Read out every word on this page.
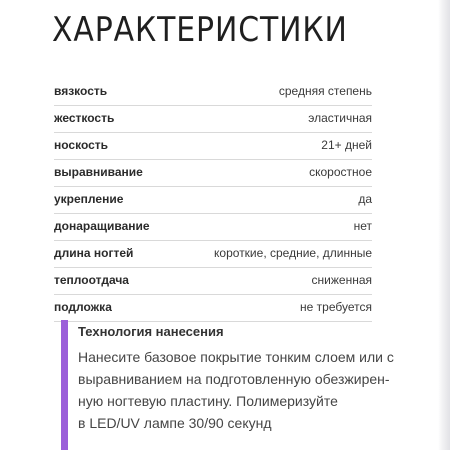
ХАРАКТЕРИСТИКИ
вязкость	средняя степень
жесткость	эластичная
носкость	21+ дней
выравнивание	скоростное
укрепление	да
донаращивание	нет
длина ногтей	короткие, средние, длинные
теплоотдача	сниженная
подложка	не требуется
Технология нанесения
Нанесите базовое покрытие тонким слоем или с
выравниванием на подготовленную обезжирен-
ную ногтевую пластину. Полимеризуйте
в LED/UV лампе 30/90 секунд
